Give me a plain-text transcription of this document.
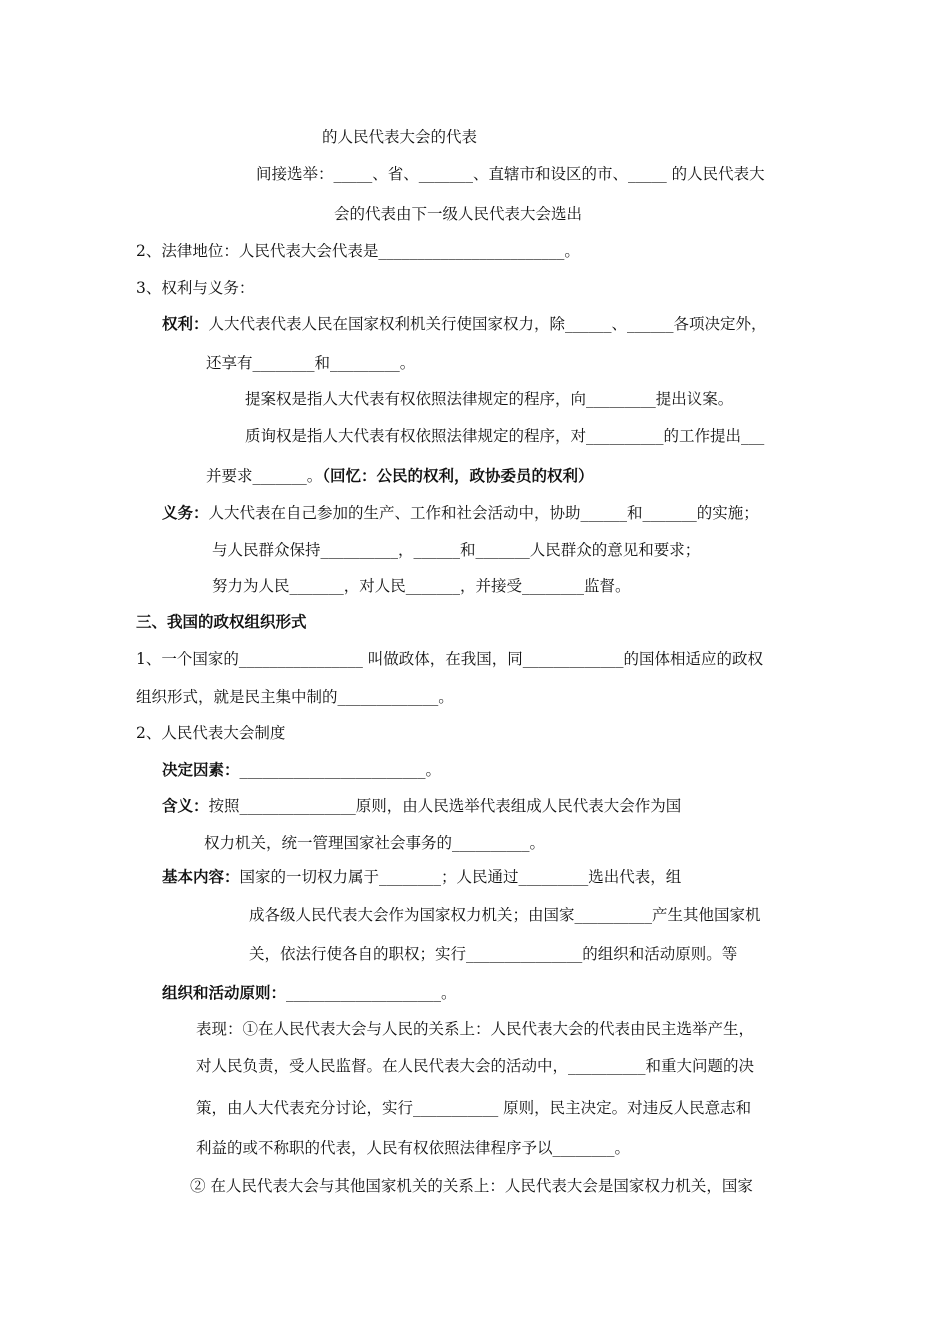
的人民代表大会的代表
间接选举：_____、省、_______、直辖市和设区的市、_____ 的人民代表大
会的代表由下一级人民代表大会选出
2、法律地位：人民代表大会代表是________________________。
3、权利与义务：
权利：人大代表代表人民在国家权利机关行使国家权力，除______、______各项决定外，
还享有________和_________。
提案权是指人大代表有权依照法律规定的程序，向_________提出议案。
质询权是指人大代表有权依照法律规定的程序，对__________的工作提出___
并要求_______。（回忆：公民的权利，政协委员的权利）
义务：人大代表在自己参加的生产、工作和社会活动中，协助______和_______的实施；
与人民群众保持__________，______和_______人民群众的意见和要求；
努力为人民_______，对人民_______，并接受________监督。
三、我国的政权组织形式
1、一个国家的________________ 叫做政体，在我国，同_____________的国体相适应的政权
组织形式，就是民主集中制的_____________。
2、人民代表大会制度
决定因素：________________________。
含义：按照_______________原则，由人民选举代表组成人民代表大会作为国
权力机关，统一管理国家社会事务的__________。
基本内容：国家的一切权力属于________；人民通过_________选出代表，组
成各级人民代表大会作为国家权力机关；由国家__________产生其他国家机
关，依法行使各自的职权；实行_______________的组织和活动原则。等
组织和活动原则：____________________。
表现：①在人民代表大会与人民的关系上：人民代表大会的代表由民主选举产生，
对人民负责，受人民监督。在人民代表大会的活动中，__________和重大问题的决
策，由人大代表充分讨论，实行___________ 原则，民主决定。对违反人民意志和
利益的或不称职的代表，人民有权依照法律程序予以________。
② 在人民代表大会与其他国家机关的关系上：人民代表大会是国家权力机关，国家
